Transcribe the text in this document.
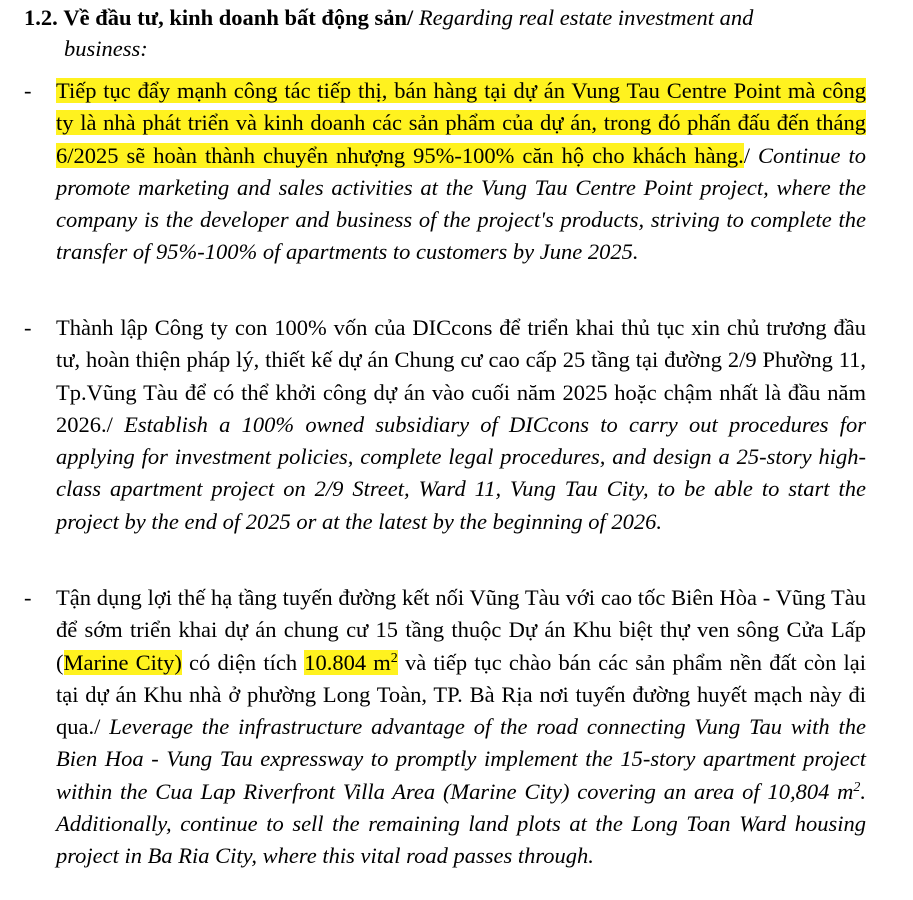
1.2. Về đầu tư, kinh doanh bất động sản/ Regarding real estate investment and
business:
- Tiếp tục đẩy mạnh công tác tiếp thị, bán hàng tại dự án Vung Tau Centre Point mà công ty là nhà phát triển và kinh doanh các sản phẩm của dự án, trong đó phấn đấu đến tháng 6/2025 sẽ hoàn thành chuyển nhượng 95%-100% căn hộ cho khách hàng./ Continue to promote marketing and sales activities at the Vung Tau Centre Point project, where the company is the developer and business of the project's products, striving to complete the transfer of 95%-100% of apartments to customers by June 2025.
- Thành lập Công ty con 100% vốn của DICcons để triển khai thủ tục xin chủ trương đầu tư, hoàn thiện pháp lý, thiết kế dự án Chung cư cao cấp 25 tầng tại đường 2/9 Phường 11, Tp.Vũng Tàu để có thể khởi công dự án vào cuối năm 2025 hoặc chậm nhất là đầu năm 2026./ Establish a 100% owned subsidiary of DICcons to carry out procedures for applying for investment policies, complete legal procedures, and design a 25-story high-class apartment project on 2/9 Street, Ward 11, Vung Tau City, to be able to start the project by the end of 2025 or at the latest by the beginning of 2026.
- Tận dụng lợi thế hạ tầng tuyến đường kết nối Vũng Tàu với cao tốc Biên Hòa - Vũng Tàu để sớm triển khai dự án chung cư 15 tầng thuộc Dự án Khu biệt thự ven sông Cửa Lấp (Marine City) có diện tích 10.804 $m^2$ và tiếp tục chào bán các sản phẩm nền đất còn lại tại dự án Khu nhà ở phường Long Toàn, TP. Bà Rịa nơi tuyến đường huyết mạch này đi qua./ Leverage the infrastructure advantage of the road connecting Vung Tau with the Bien Hoa - Vung Tau expressway to promptly implement the 15-story apartment project within the Cua Lap Riverfront Villa Area (Marine City) covering an area of 10,804 $m^2$. Additionally, continue to sell the remaining land plots at the Long Toan Ward housing project in Ba Ria City, where this vital road passes through.
